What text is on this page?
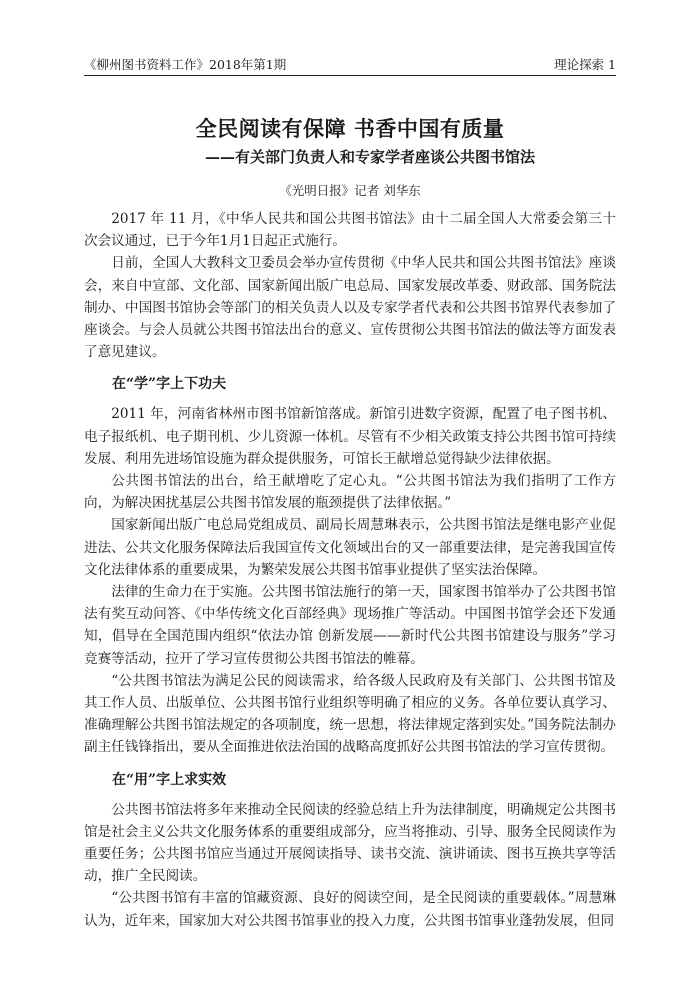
《柳州图书资料工作》2018年第1期	理论探索 1
全民阅读有保障 书香中国有质量
——有关部门负责人和专家学者座谈公共图书馆法
《光明日报》记者 刘华东

2017 年 11 月，《中华人民共和国公共图书馆法》由十二届全国人大常委会第三十次会议通过，已于今年1月1日起正式施行。

日前，全国人大教科文卫委员会举办宣传贯彻《中华人民共和国公共图书馆法》座谈会，来自中宣部、文化部、国家新闻出版广电总局、国家发展改革委、财政部、国务院法制办、中国图书馆协会等部门的相关负责人以及专家学者代表和公共图书馆界代表参加了座谈会。与会人员就公共图书馆法出台的意义、宣传贯彻公共图书馆法的做法等方面发表了意见建议。

在“学”字上下功夫

2011 年，河南省林州市图书馆新馆落成。新馆引进数字资源，配置了电子图书机、电子报纸机、电子期刊机、少儿资源一体机。尽管有不少相关政策支持公共图书馆可持续发展、利用先进场馆设施为群众提供服务，可馆长王献增总觉得缺少法律依据。

公共图书馆法的出台，给王献增吃了定心丸。“公共图书馆法为我们指明了工作方向，为解决困扰基层公共图书馆发展的瓶颈提供了法律依据。”

国家新闻出版广电总局党组成员、副局长周慧琳表示，公共图书馆法是继电影产业促进法、公共文化服务保障法后我国宣传文化领域出台的又一部重要法律，是完善我国宣传文化法律体系的重要成果，为繁荣发展公共图书馆事业提供了坚实法治保障。

法律的生命力在于实施。公共图书馆法施行的第一天，国家图书馆举办了公共图书馆法有奖互动问答、《中华传统文化百部经典》现场推广等活动。中国图书馆学会还下发通知，倡导在全国范围内组织“依法办馆 创新发展——新时代公共图书馆建设与服务”学习竞赛等活动，拉开了学习宣传贯彻公共图书馆法的帷幕。

“公共图书馆法为满足公民的阅读需求，给各级人民政府及有关部门、公共图书馆及其工作人员、出版单位、公共图书馆行业组织等明确了相应的义务。各单位要认真学习、准确理解公共图书馆法规定的各项制度，统一思想，将法律规定落到实处。”国务院法制办副主任钱锋指出，要从全面推进依法治国的战略高度抓好公共图书馆法的学习宣传贯彻。

在“用”字上求实效

公共图书馆法将多年来推动全民阅读的经验总结上升为法律制度，明确规定公共图书馆是社会主义公共文化服务体系的重要组成部分，应当将推动、引导、服务全民阅读作为重要任务；公共图书馆应当通过开展阅读指导、读书交流、演讲诵读、图书互换共享等活动，推广全民阅读。

“公共图书馆有丰富的馆藏资源、良好的阅读空间，是全民阅读的重要载体。”周慧琳认为，近年来，国家加大对公共图书馆事业的投入力度，公共图书馆事业蓬勃发展，但同
